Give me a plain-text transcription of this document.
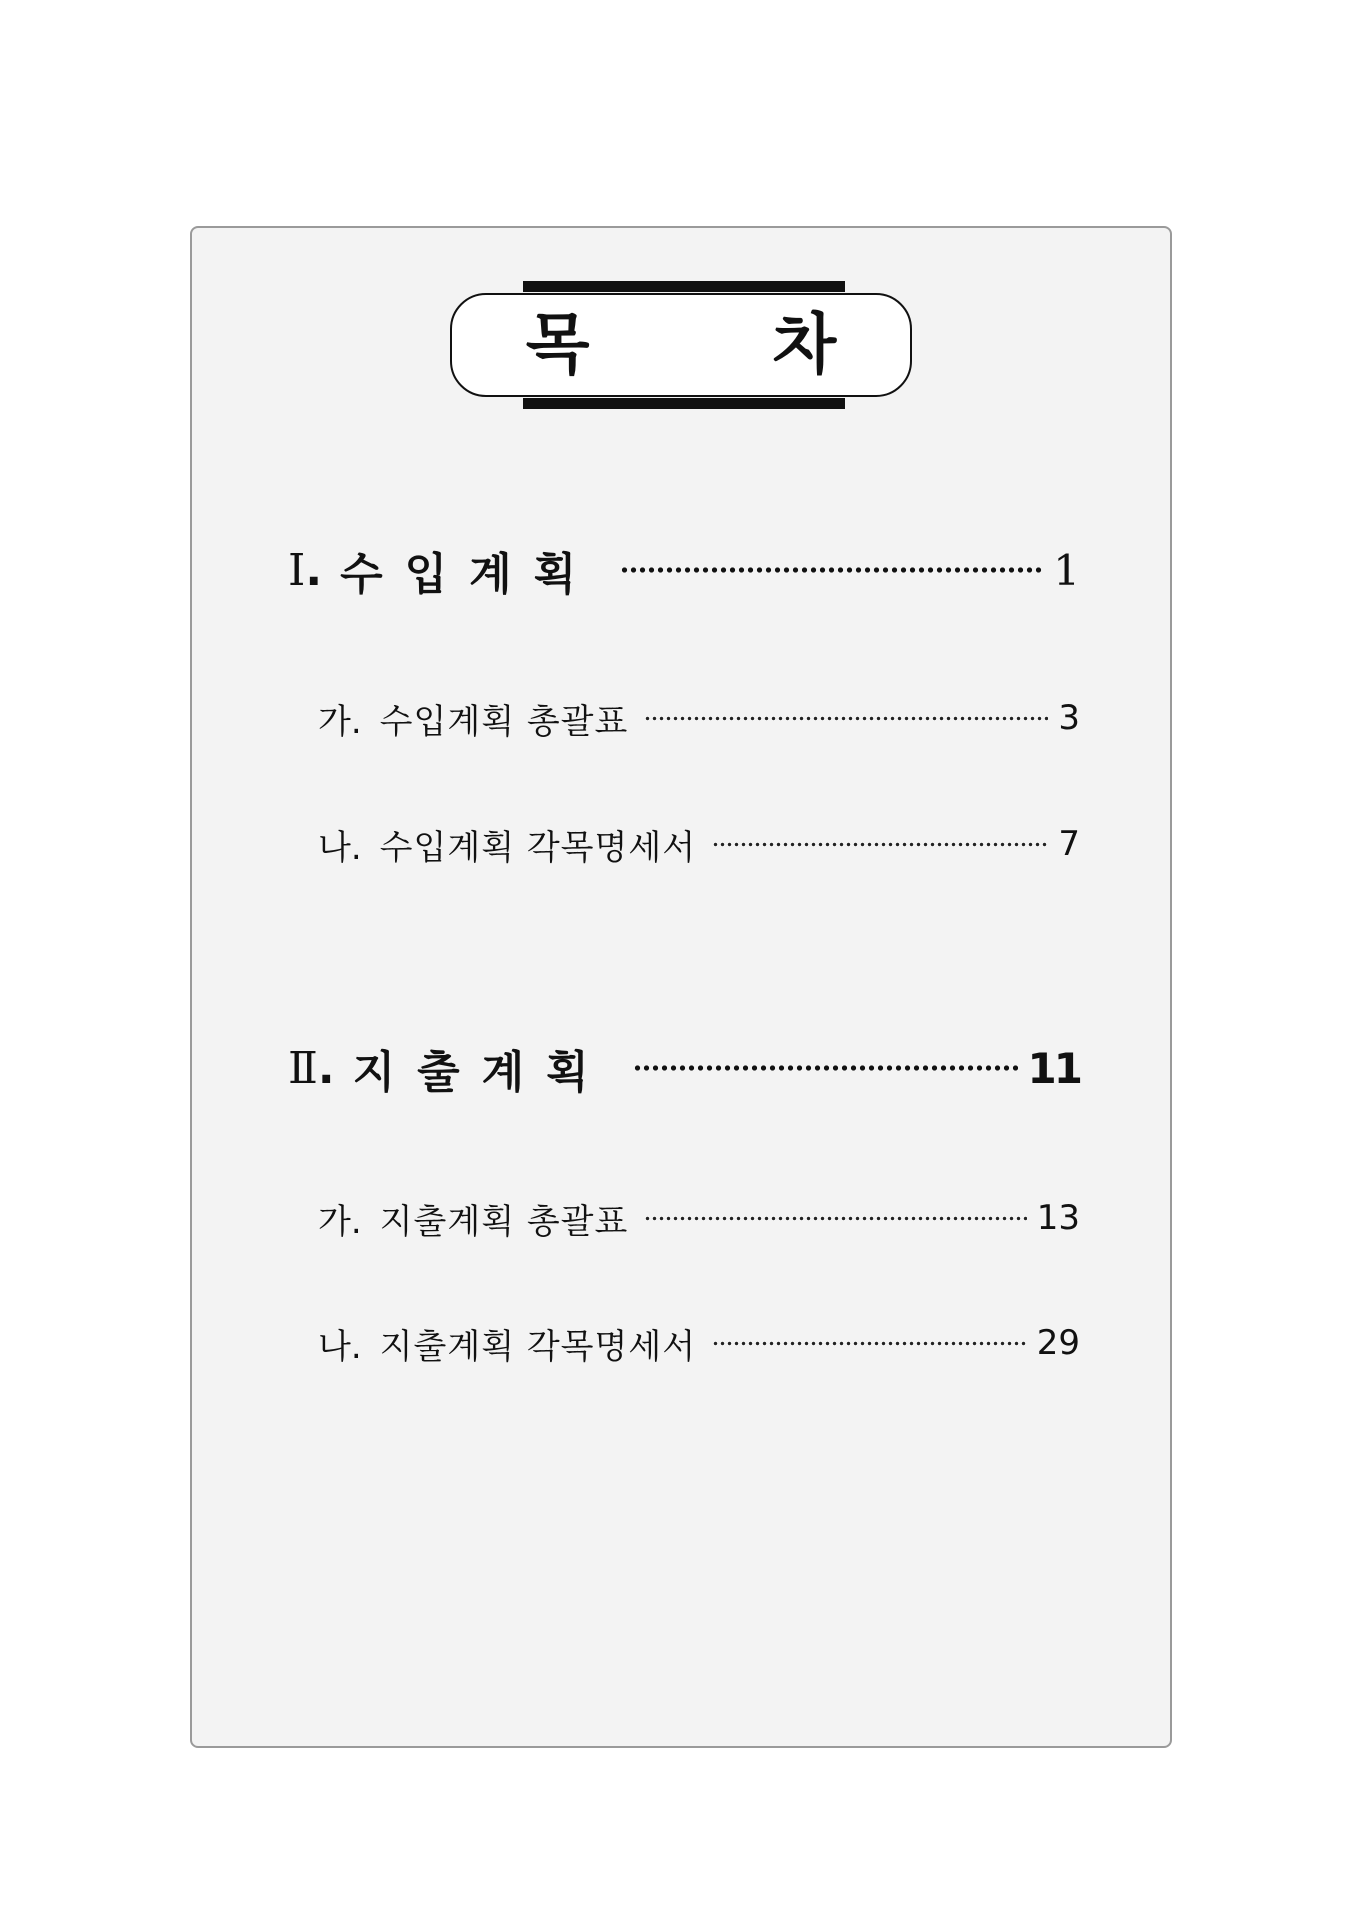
목 차
Ⅰ . 수입계획	1
가. 수입계획 총괄표	3
나. 수입계획 각목명세서	7
Ⅱ . 지출계획	11
가. 지출계획 총괄표	13
나. 지출계획 각목명세서	29
